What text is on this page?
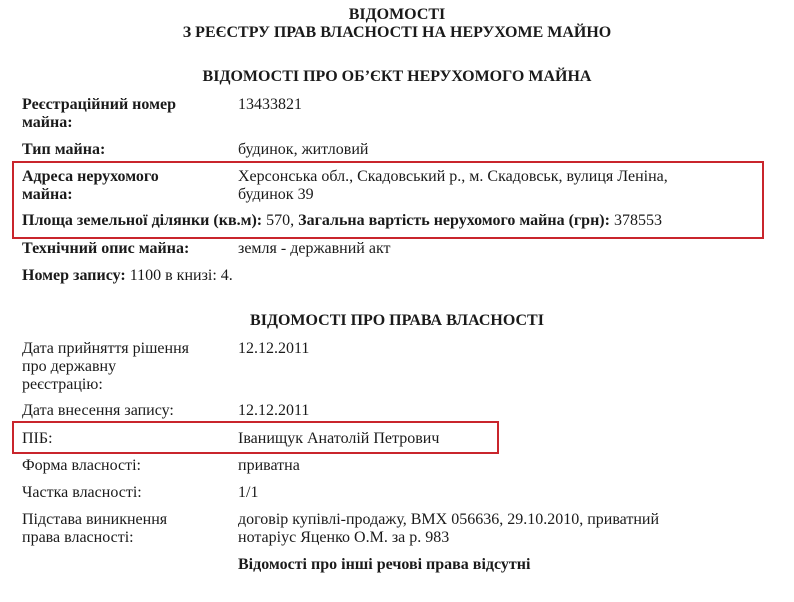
ВІДОМОСТІ
З РЕЄСТРУ ПРАВ ВЛАСНОСТІ НА НЕРУХОМЕ МАЙНО
ВІДОМОСТІ ПРО ОБ’ЄКТ НЕРУХОМОГО МАЙНА
Реєстраційний номер
майна:
13433821
Тип майна:	будинок, житловий
Адреса нерухомого
майна:
Херсонська обл., Скадовський р., м. Скадовськ, вулиця Леніна,
будинок 39
Площа земельної ділянки (кв.м): 570, Загальна вартість нерухомого майна (грн): 378553
Технічний опис майна:	земля - державний акт
Номер запису: 1100 в книзі: 4.
ВІДОМОСТІ ПРО ПРАВА ВЛАСНОСТІ
Дата прийняття рішення
про державну
реєстрацію:
12.12.2011
Дата внесення запису:	12.12.2011
ПІБ:	Іванищук Анатолій Петрович
Форма власності:	приватна
Частка власності:	1/1
Підстава виникнення
права власності:
договір купівлі-продажу, ВМХ 056636, 29.10.2010, приватний
нотаріус Яценко О.М. за р. 983
Відомості про інші речові права відсутні
